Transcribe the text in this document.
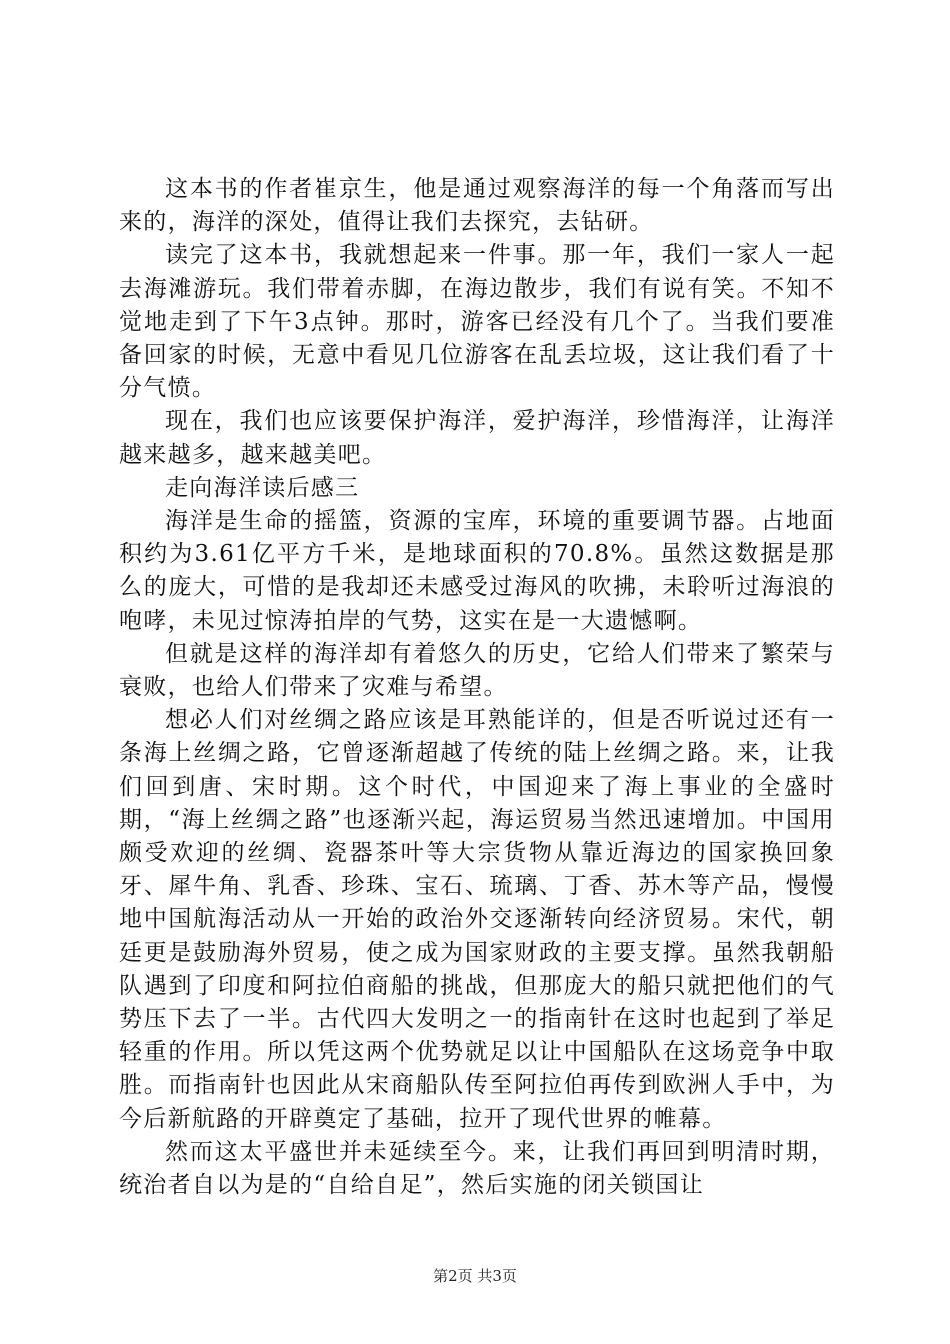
这本书的作者崔京生，他是通过观察海洋的每一个角落而写出来的，海洋的深处，值得让我们去探究，去钻研。

读完了这本书，我就想起来一件事。那一年，我们一家人一起去海滩游玩。我们带着赤脚，在海边散步，我们有说有笑。不知不觉地走到了下午3点钟。那时，游客已经没有几个了。当我们要准备回家的时候，无意中看见几位游客在乱丢垃圾，这让我们看了十分气愤。

现在，我们也应该要保护海洋，爱护海洋，珍惜海洋，让海洋越来越多，越来越美吧。

走向海洋读后感三

海洋是生命的摇篮，资源的宝库，环境的重要调节器。占地面积约为3.61亿平方千米，是地球面积的70.8%。虽然这数据是那么的庞大，可惜的是我却还未感受过海风的吹拂，未聆听过海浪的咆哮，未见过惊涛拍岸的气势，这实在是一大遗憾啊。

但就是这样的海洋却有着悠久的历史，它给人们带来了繁荣与衰败，也给人们带来了灾难与希望。

想必人们对丝绸之路应该是耳熟能详的，但是否听说过还有一条海上丝绸之路，它曾逐渐超越了传统的陆上丝绸之路。来，让我们回到唐、宋时期。这个时代，中国迎来了海上事业的全盛时期，“海上丝绸之路”也逐渐兴起，海运贸易当然迅速增加。中国用颇受欢迎的丝绸、瓷器茶叶等大宗货物从靠近海边的国家换回象牙、犀牛角、乳香、珍珠、宝石、琉璃、丁香、苏木等产品，慢慢地中国航海活动从一开始的政治外交逐渐转向经济贸易。宋代，朝廷更是鼓励海外贸易，使之成为国家财政的主要支撑。虽然我朝船队遇到了印度和阿拉伯商船的挑战，但那庞大的船只就把他们的气势压下去了一半。古代四大发明之一的指南针在这时也起到了举足轻重的作用。所以凭这两个优势就足以让中国船队在这场竞争中取胜。而指南针也因此从宋商船队传至阿拉伯再传到欧洲人手中，为今后新航路的开辟奠定了基础，拉开了现代世界的帷幕。

然而这太平盛世并未延续至今。来，让我们再回到明清时期，统治者自以为是的“自给自足”，然后实施的闭关锁国让

第2页 共3页
